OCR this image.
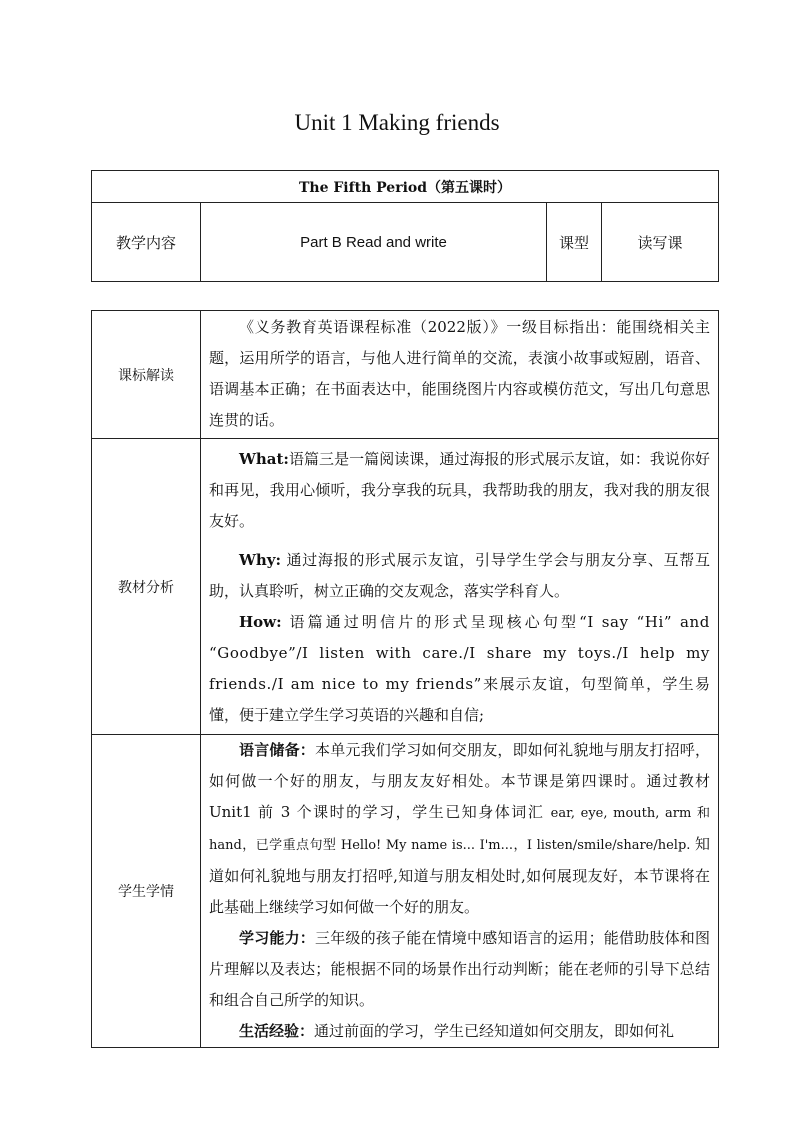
Unit 1 Making friends
The Fifth Period（第五课时）
教学内容	Part B Read and write	课型	读写课
课标解读	《义务教育英语课程标准（2022版）》一级目标指出：能围绕相关主题，运用所学的语言，与他人进行简单的交流，表演小故事或短剧，语音、语调基本正确；在书面表达中，能围绕图片内容或模仿范文，写出几句意思连贯的话。

教材分析	What:语篇三是一篇阅读课，通过海报的形式展示友谊，如：我说你好和再见，我用心倾听，我分享我的玩具，我帮助我的朋友，我对我的朋友很友好。

Why: 通过海报的形式展示友谊，引导学生学会与朋友分享、互帮互助，认真聆听，树立正确的交友观念，落实学科育人。

How: 语篇通过明信片的形式呈现核心句型“I say “Hi” and “Goodbye”/I listen with care./I share my toys./I help my friends./I am nice to my friends”来展示友谊，句型简单，学生易懂，便于建立学生学习英语的兴趣和自信;

学生学情	语言储备：本单元我们学习如何交朋友，即如何礼貌地与朋友打招呼，如何做一个好的朋友，与朋友友好相处。本节课是第四课时。通过教材 Unit1 前 3 个课时的学习，学生已知身体词汇 ear, eye, mouth, arm 和 hand，已学重点句型 Hello! My name is... I'm...，I listen/smile/share/help. 知道如何礼貌地与朋友打招呼,知道与朋友相处时,如何展现友好，本节课将在此基础上继续学习如何做一个好的朋友。

学习能力：三年级的孩子能在情境中感知语言的运用；能借助肢体和图片理解以及表达；能根据不同的场景作出行动判断；能在老师的引导下总结和组合自己所学的知识。

生活经验：通过前面的学习，学生已经知道如何交朋友，即如何礼
